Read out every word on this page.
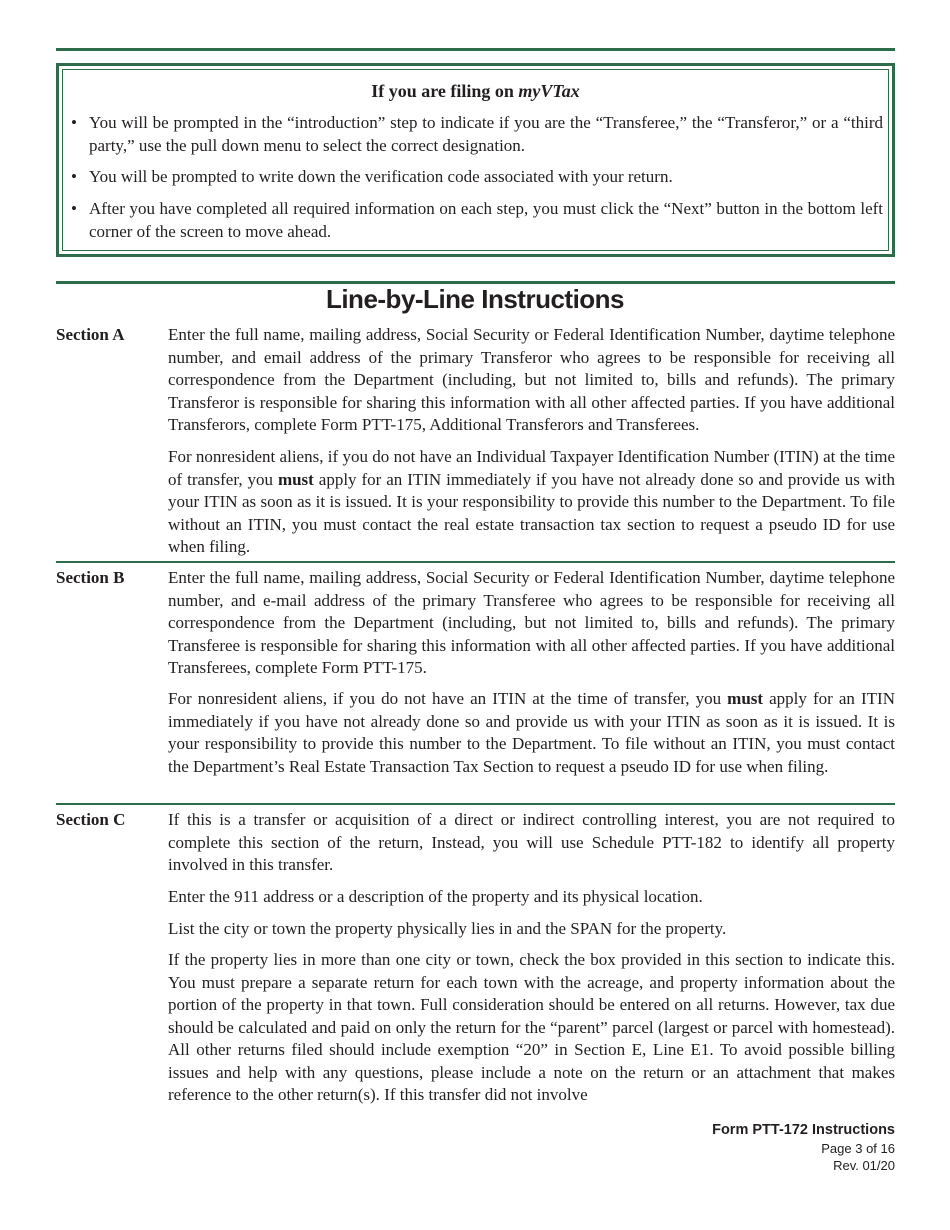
If you are filing on myVTax
• You will be prompted in the “introduction” step to indicate if you are the “Transferee,” the “Transferor,” or a “third party,” use the pull down menu to select the correct designation.
• You will be prompted to write down the verification code associated with your return.
• After you have completed all required information on each step, you must click the “Next” button in the bottom left corner of the screen to move ahead.
Line-by-Line Instructions
Section A	Enter the full name, mailing address, Social Security or Federal Identification Number, daytime telephone number, and email address of the primary Transferor who agrees to be responsible for receiving all correspondence from the Department (including, but not limited to, bills and refunds). The primary Transferor is responsible for sharing this information with all other affected parties. If you have additional Transferors, complete Form PTT-175, Additional Transferors and Transferees.
For nonresident aliens, if you do not have an Individual Taxpayer Identification Number (ITIN) at the time of transfer, you must apply for an ITIN immediately if you have not already done so and provide us with your ITIN as soon as it is issued. It is your responsibility to provide this number to the Department. To file without an ITIN, you must contact the real estate transaction tax section to request a pseudo ID for use when filing.
Section B	Enter the full name, mailing address, Social Security or Federal Identification Number, daytime telephone number, and e-mail address of the primary Transferee who agrees to be responsible for receiving all correspondence from the Department (including, but not limited to, bills and refunds). The primary Transferee is responsible for sharing this information with all other affected parties. If you have additional Transferees, complete Form PTT-175.
For nonresident aliens, if you do not have an ITIN at the time of transfer, you must apply for an ITIN immediately if you have not already done so and provide us with your ITIN as soon as it is issued. It is your responsibility to provide this number to the Department. To file without an ITIN, you must contact the Department’s Real Estate Transaction Tax Section to request a pseudo ID for use when filing.
Section C	If this is a transfer or acquisition of a direct or indirect controlling interest, you are not required to complete this section of the return, Instead, you will use Schedule PTT-182 to identify all property involved in this transfer.
Enter the 911 address or a description of the property and its physical location.
List the city or town the property physically lies in and the SPAN for the property.
If the property lies in more than one city or town, check the box provided in this section to indicate this. You must prepare a separate return for each town with the acreage, and property information about the portion of the property in that town. Full consideration should be entered on all returns. However, tax due should be calculated and paid on only the return for the “parent” parcel (largest or parcel with homestead). All other returns filed should include exemption “20” in Section E, Line E1. To avoid possible billing issues and help with any questions, please include a note on the return or an attachment that makes reference to the other return(s). If this transfer did not involve
Form PTT-172 Instructions
Page 3 of 16
Rev. 01/20
